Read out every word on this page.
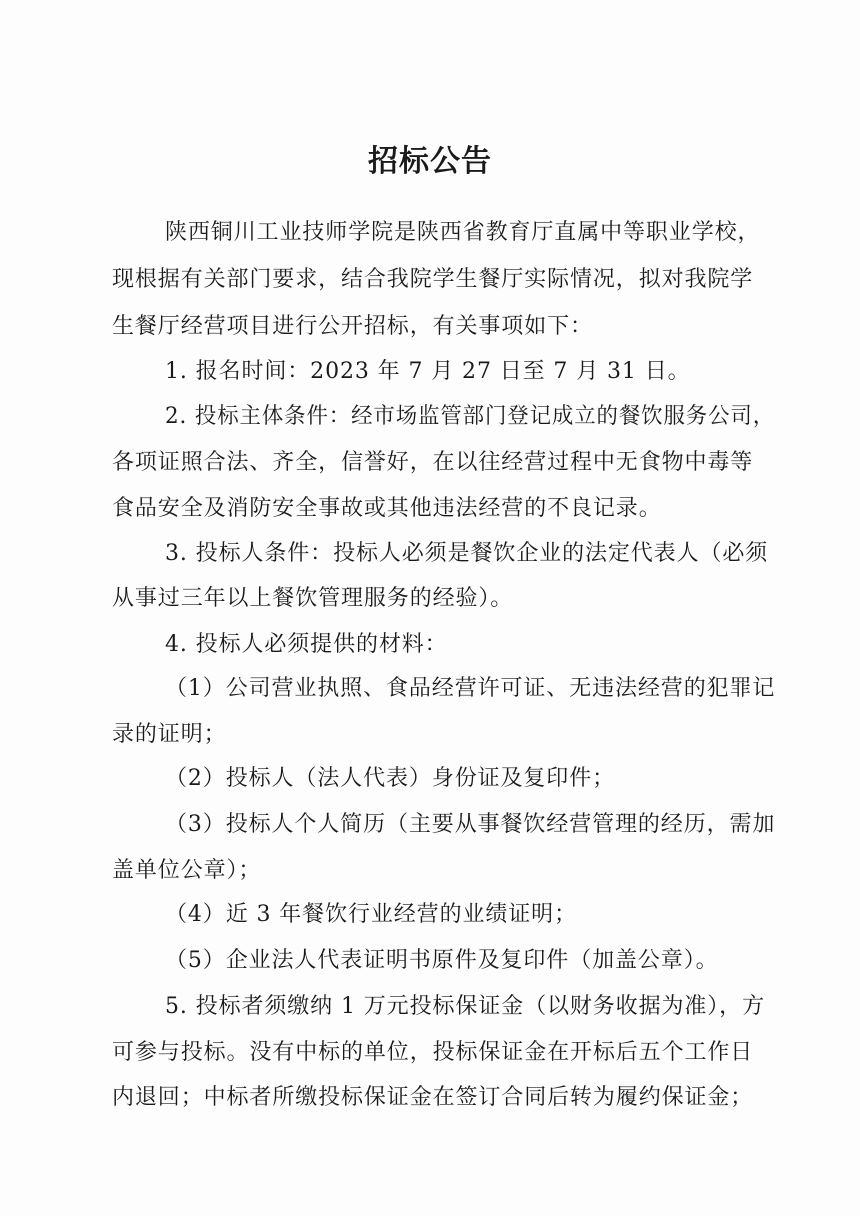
招标公告
陕西铜川工业技师学院是陕西省教育厅直属中等职业学校，
现根据有关部门要求，结合我院学生餐厅实际情况，拟对我院学
生餐厅经营项目进行公开招标，有关事项如下：
1. 报名时间：2023 年 7 月 27 日至 7 月 31 日。
2. 投标主体条件：经市场监管部门登记成立的餐饮服务公司，
各项证照合法、齐全，信誉好，在以往经营过程中无食物中毒等
食品安全及消防安全事故或其他违法经营的不良记录。
3. 投标人条件：投标人必须是餐饮企业的法定代表人（必须
从事过三年以上餐饮管理服务的经验）。
4. 投标人必须提供的材料：
（1）公司营业执照、食品经营许可证、无违法经营的犯罪记
录的证明；
（2）投标人（法人代表）身份证及复印件；
（3）投标人个人简历（主要从事餐饮经营管理的经历，需加
盖单位公章）；
（4）近 3 年餐饮行业经营的业绩证明；
（5）企业法人代表证明书原件及复印件（加盖公章）。
5. 投标者须缴纳 1 万元投标保证金（以财务收据为准），方
可参与投标。没有中标的单位，投标保证金在开标后五个工作日
内退回；中标者所缴投标保证金在签订合同后转为履约保证金；
